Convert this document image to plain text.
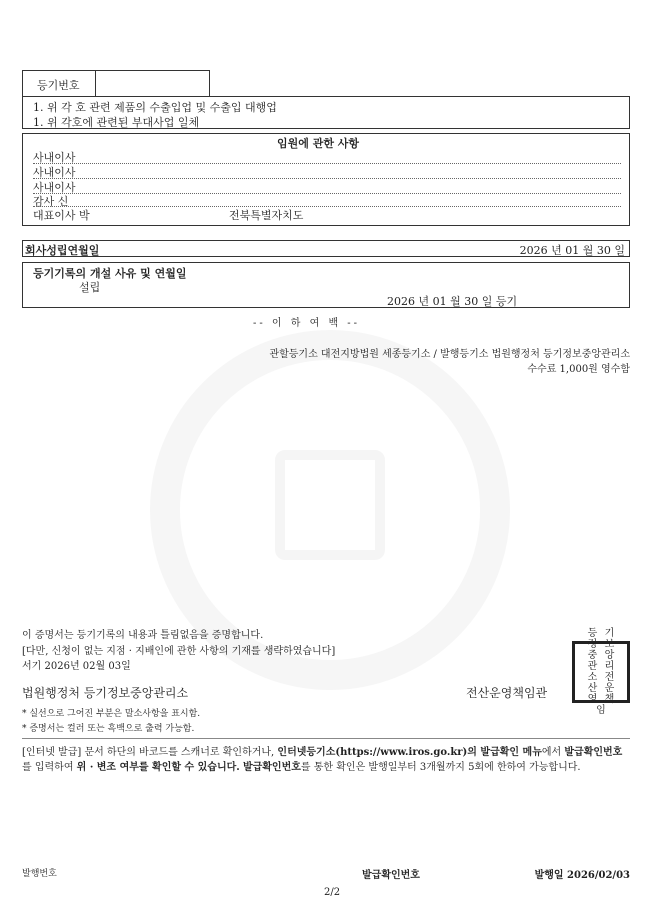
등기번호
1. 위 각 호 관련 제품의 수출입업 및 수출입 대행업
1. 위 각호에 관련된 부대사업 일체
임원에 관한 사항
사내이사
사내이사
사내이사
감사 신
대표이사 박	전북특별자치도
회사성립연월일	2026 년 01 월 30 일
등기기록의 개설 사유 및 연월일
설립
2026 년 01 월 30 일 등기
-- 이 하 여 백 --
관할등기소 대전지방법원 세종등기소 / 발행등기소 법원행정처 등기정보중앙관리소
수수료 1,000원 영수함
이 증명서는 등기기록의 내용과 틀림없음을 증명합니다.
[다만, 신청이 없는 지점 · 지배인에 관한 사항의 기재를 생략하였습니다]
서기 2026년 02월 03일
법원행정처 등기정보중앙관리소	전산운영책임관
등 기
정 보
중 앙
관 리
소 전
산 운
영 책
임
* 실선으로 그어진 부분은 말소사항을 표시함.
* 증명서는 컬러 또는 흑백으로 출력 가능함.
[인터넷 발급] 문서 하단의 바코드를 스캐너로 확인하거나, 인터넷등기소(https://www.iros.go.kr)의 발급확인 메뉴에서 발급확인번호를 입력하여 위 · 변조 여부를 확인할 수 있습니다. 발급확인번호를 통한 확인은 발행일부터 3개월까지 5회에 한하여 가능합니다.
발행번호	발급확인번호	발행일 2026/02/03
2/2
